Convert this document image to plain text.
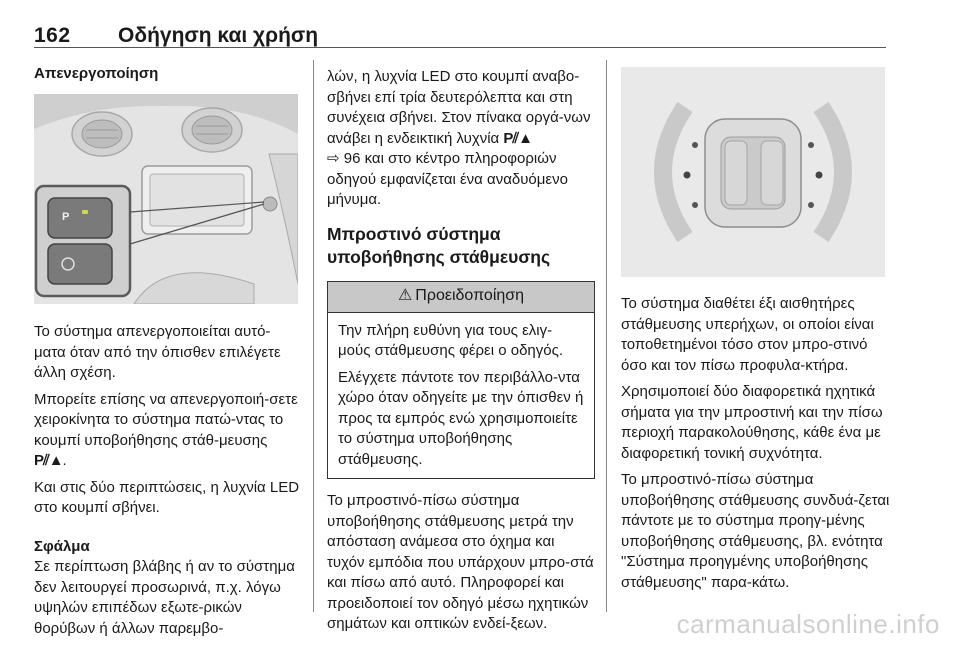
162 Οδήγηση και χρήση
Απενεργοποίηση
P

Το σύστημα απενεργοποιείται αυτό-ματα όταν από την όπισθεν επιλέγετε άλλη σχέση.

Μπορείτε επίσης να απενεργοποιή-σετε χειροκίνητα το σύστημα πατώ-ντας το κουμπί υποβοήθησης στάθ-μευσης P⫽▲.

Και στις δύο περιπτώσεις, η λυχνία LED στο κουμπί σβήνει.

Σφάλμα

Σε περίπτωση βλάβης ή αν το σύστημα δεν λειτουργεί προσωρινά, π.χ. λόγω υψηλών επιπέδων εξωτε-ρικών θορύβων ή άλλων παρεμβο-

λών, η λυχνία LED στο κουμπί αναβο-σβήνει επί τρία δευτερόλεπτα και στη συνέχεια σβήνει. Στον πίνακα οργά-νων ανάβει η ενδεικτική λυχνία P⫽▲

⇨ 96 και στο κέντρο πληροφοριών οδηγού εμφανίζεται ένα αναδυόμενο μήνυμα.

Μπροστινό σύστημα υποβοήθησης στάθμευσης
⚠ Προειδοποίηση

Την πλήρη ευθύνη για τους ελιγ-μούς στάθμευσης φέρει ο οδηγός.

Ελέγχετε πάντοτε τον περιβάλλο-ντα χώρο όταν οδηγείτε με την όπισθεν ή προς τα εμπρός ενώ χρησιμοποιείτε το σύστημα υποβοήθησης στάθμευσης.

Το μπροστινό-πίσω σύστημα υποβοήθησης στάθμευσης μετρά την απόσταση ανάμεσα στο όχημα και τυχόν εμπόδια που υπάρχουν μπρο-στά και πίσω από αυτό. Πληροφορεί και προειδοποιεί τον οδηγό μέσω ηχητικών σημάτων και οπτικών ενδεί-ξεων.

Το σύστημα διαθέτει έξι αισθητήρες στάθμευσης υπερήχων, οι οποίοι είναι τοποθετημένοι τόσο στον μπρο-στινό όσο και τον πίσω προφυλα-κτήρα.

Χρησιμοποιεί δύο διαφορετικά ηχητικά σήματα για την μπροστινή και την πίσω περιοχή παρακολούθησης, κάθε ένα με διαφορετική τονική συχνότητα.

Το μπροστινό-πίσω σύστημα υποβοήθησης στάθμευσης συνδυά-ζεται πάντοτε με το σύστημα προηγ-μένης υποβοήθησης στάθμευσης, βλ. ενότητα "Σύστημα προηγμένης υποβοήθησης στάθμευσης" παρα-κάτω.

carmanualsonline.info
